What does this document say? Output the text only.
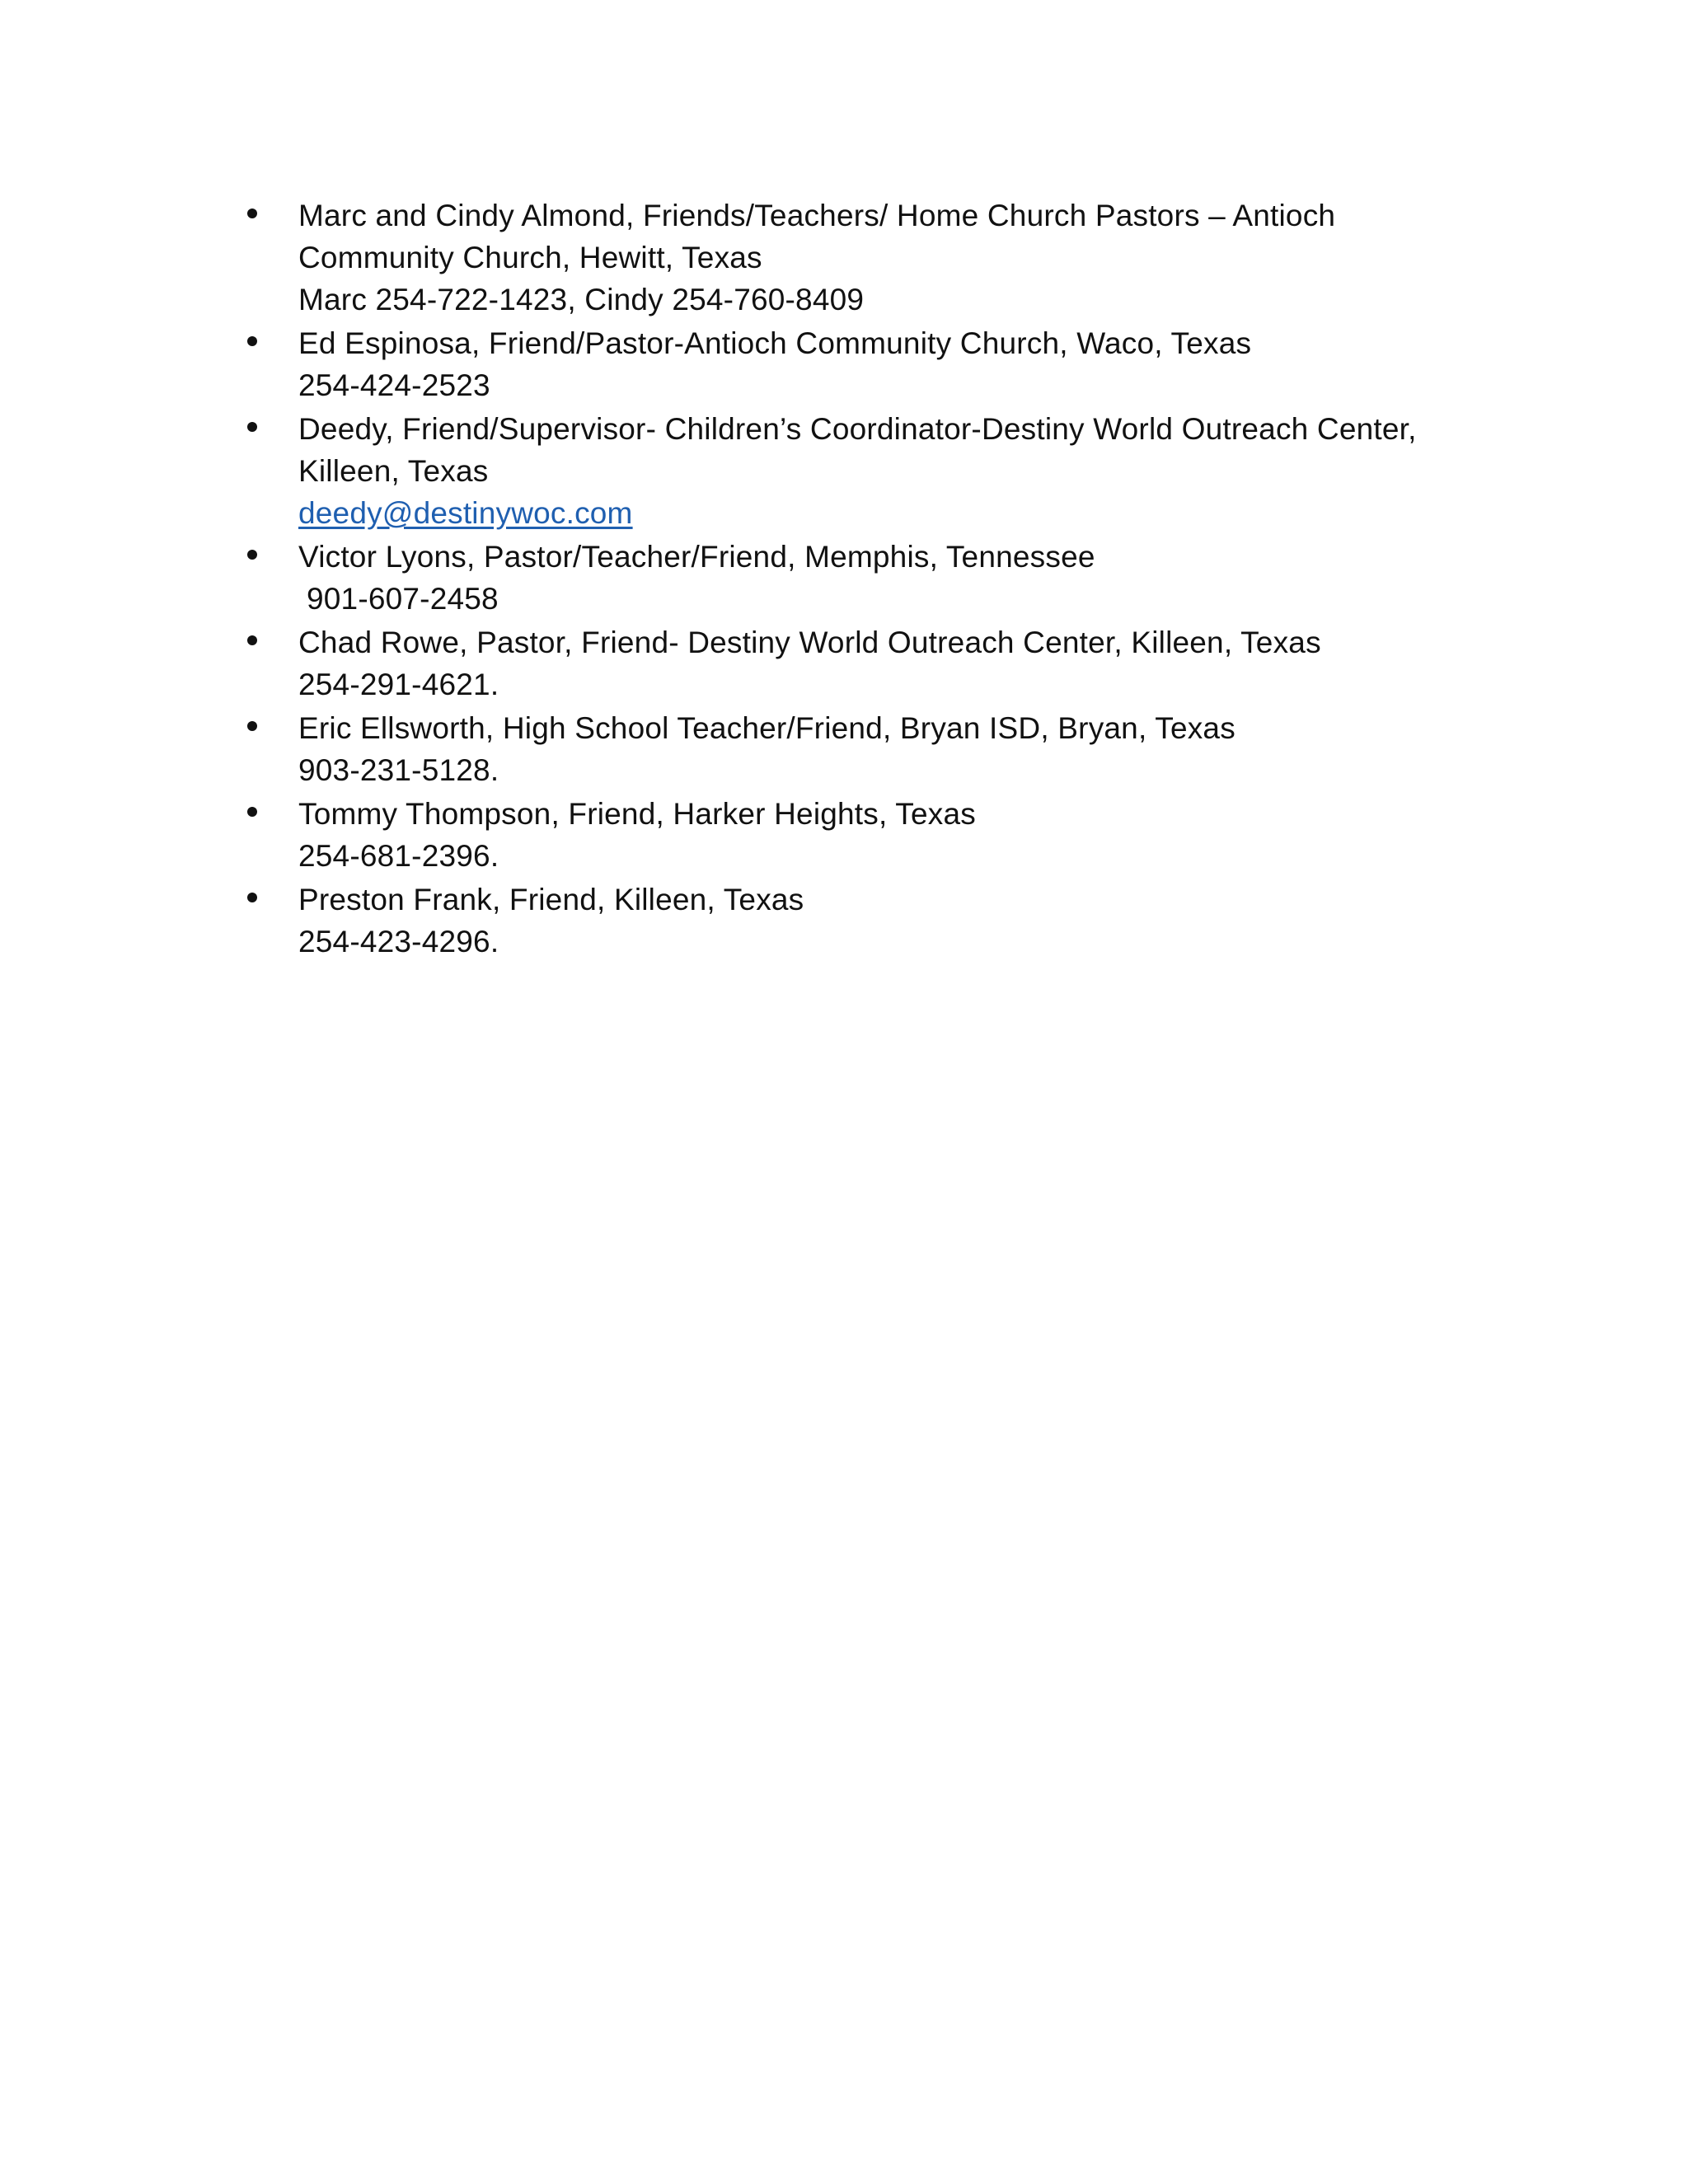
Marc and Cindy Almond, Friends/Teachers/ Home Church Pastors – Antioch
Community Church, Hewitt, Texas
Marc 254-722-1423, Cindy 254-760-8409
Ed Espinosa, Friend/Pastor-Antioch Community Church, Waco, Texas
254-424-2523
Deedy, Friend/Supervisor- Children’s Coordinator-Destiny World Outreach Center,
Killeen, Texas
deedy@destinywoc.com
Victor Lyons, Pastor/Teacher/Friend, Memphis, Tennessee
901-607-2458
Chad Rowe, Pastor, Friend- Destiny World Outreach Center, Killeen, Texas
254-291-4621.
Eric Ellsworth, High School Teacher/Friend, Bryan ISD, Bryan, Texas
903-231-5128.
Tommy Thompson, Friend, Harker Heights, Texas
254-681-2396.
Preston Frank, Friend, Killeen, Texas
254-423-4296.
